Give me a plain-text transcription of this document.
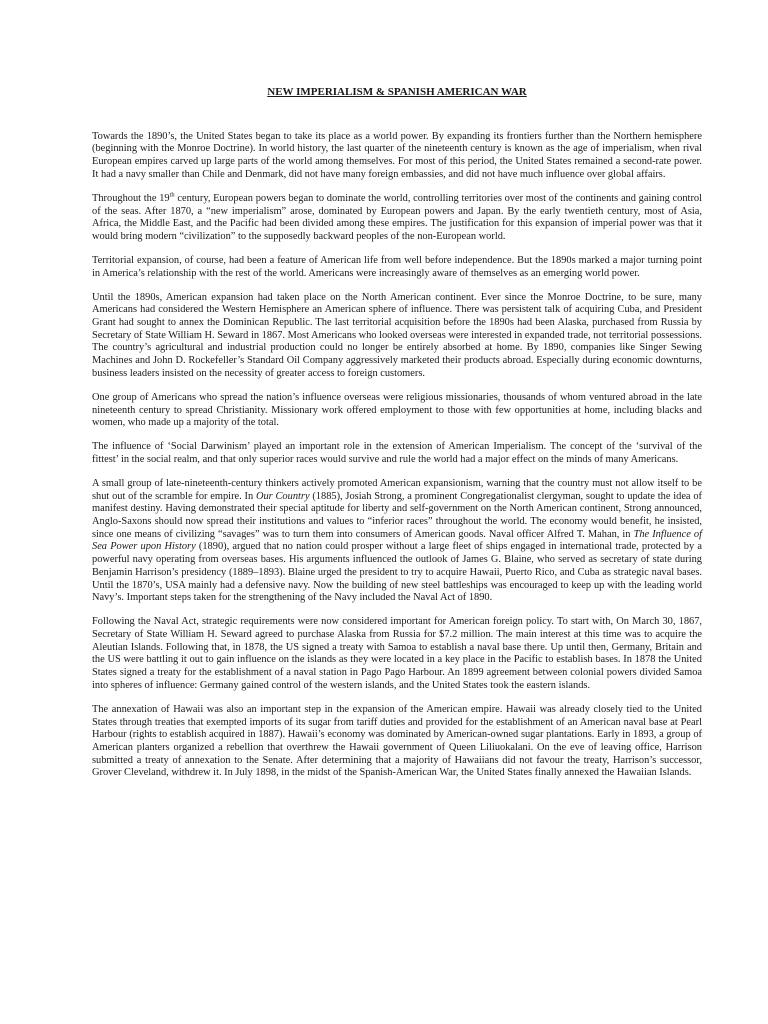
NEW IMPERIALISM & SPANISH AMERICAN WAR

Towards the 1890’s, the United States began to take its place as a world power. By expanding its frontiers further than the Northern hemisphere (beginning with the Monroe Doctrine). In world history, the last quarter of the nineteenth century is known as the age of imperialism, when rival European empires carved up large parts of the world among themselves. For most of this period, the United States remained a second-rate power. It had a navy smaller than Chile and Denmark, did not have many foreign embassies, and did not have much influence over global affairs.

Throughout the 19th century, European powers began to dominate the world, controlling territories over most of the continents and gaining control of the seas. After 1870, a “new imperialism” arose, dominated by European powers and Japan. By the early twentieth century, most of Asia, Africa, the Middle East, and the Pacific had been divided among these empires. The justification for this expansion of imperial power was that it would bring modern “civilization” to the supposedly backward peoples of the non-European world.

Territorial expansion, of course, had been a feature of American life from well before independence. But the 1890s marked a major turning point in America’s relationship with the rest of the world. Americans were increasingly aware of themselves as an emerging world power.

Until the 1890s, American expansion had taken place on the North American continent. Ever since the Monroe Doctrine, to be sure, many Americans had considered the Western Hemisphere an American sphere of influence. There was persistent talk of acquiring Cuba, and President Grant had sought to annex the Dominican Republic. The last territorial acquisition before the 1890s had been Alaska, purchased from Russia by Secretary of State William H. Seward in 1867. Most Americans who looked overseas were interested in expanded trade, not territorial possessions. The country’s agricultural and industrial production could no longer be entirely absorbed at home. By 1890, companies like Singer Sewing Machines and John D. Rockefeller’s Standard Oil Company aggressively marketed their products abroad. Especially during economic downturns, business leaders insisted on the necessity of greater access to foreign customers.

One group of Americans who spread the nation’s influence overseas were religious missionaries, thousands of whom ventured abroad in the late nineteenth century to spread Christianity. Missionary work offered employment to those with few opportunities at home, including blacks and women, who made up a majority of the total.

The influence of ‘Social Darwinism’ played an important role in the extension of American Imperialism. The concept of the ‘survival of the fittest’ in the social realm, and that only superior races would survive and rule the world had a major effect on the minds of many Americans.

A small group of late-nineteenth-century thinkers actively promoted American expansionism, warning that the country must not allow itself to be shut out of the scramble for empire. In Our Country (1885), Josiah Strong, a prominent Congregationalist clergyman, sought to update the idea of manifest destiny. Having demonstrated their special aptitude for liberty and self-government on the North American continent, Strong announced, Anglo-Saxons should now spread their institutions and values to “inferior races” throughout the world. The economy would benefit, he insisted, since one means of civilizing “savages” was to turn them into consumers of American goods. Naval officer Alfred T. Mahan, in The Influence of Sea Power upon History (1890), argued that no nation could prosper without a large fleet of ships engaged in international trade, protected by a powerful navy operating from overseas bases. His arguments influenced the outlook of James G. Blaine, who served as secretary of state during Benjamin Harrison’s presidency (1889–1893). Blaine urged the president to try to acquire Hawaii, Puerto Rico, and Cuba as strategic naval bases. Until the 1870’s, USA mainly had a defensive navy. Now the building of new steel battleships was encouraged to keep up with the leading world Navy’s. Important steps taken for the strengthening of the Navy included the Naval Act of 1890.

Following the Naval Act, strategic requirements were now considered important for American foreign policy. To start with, On March 30, 1867, Secretary of State William H. Seward agreed to purchase Alaska from Russia for $7.2 million. The main interest at this time was to acquire the Aleutian Islands. Following that, in 1878, the US signed a treaty with Samoa to establish a naval base there. Up until then, Germany, Britain and the US were battling it out to gain influence on the islands as they were located in a key place in the Pacific to establish bases. In 1878 the United States signed a treaty for the establishment of a naval station in Pago Pago Harbour. An 1899 agreement between colonial powers divided Samoa into spheres of influence: Germany gained control of the western islands, and the United States took the eastern islands.

The annexation of Hawaii was also an important step in the expansion of the American empire. Hawaii was already closely tied to the United States through treaties that exempted imports of its sugar from tariff duties and provided for the establishment of an American naval base at Pearl Harbour (rights to establish acquired in 1887). Hawaii’s economy was dominated by American-owned sugar plantations. Early in 1893, a group of American planters organized a rebellion that overthrew the Hawaii government of Queen Liliuokalani. On the eve of leaving office, Harrison submitted a treaty of annexation to the Senate. After determining that a majority of Hawaiians did not favour the treaty, Harrison’s successor, Grover Cleveland, withdrew it. In July 1898, in the midst of the Spanish-American War, the United States finally annexed the Hawaiian Islands.
